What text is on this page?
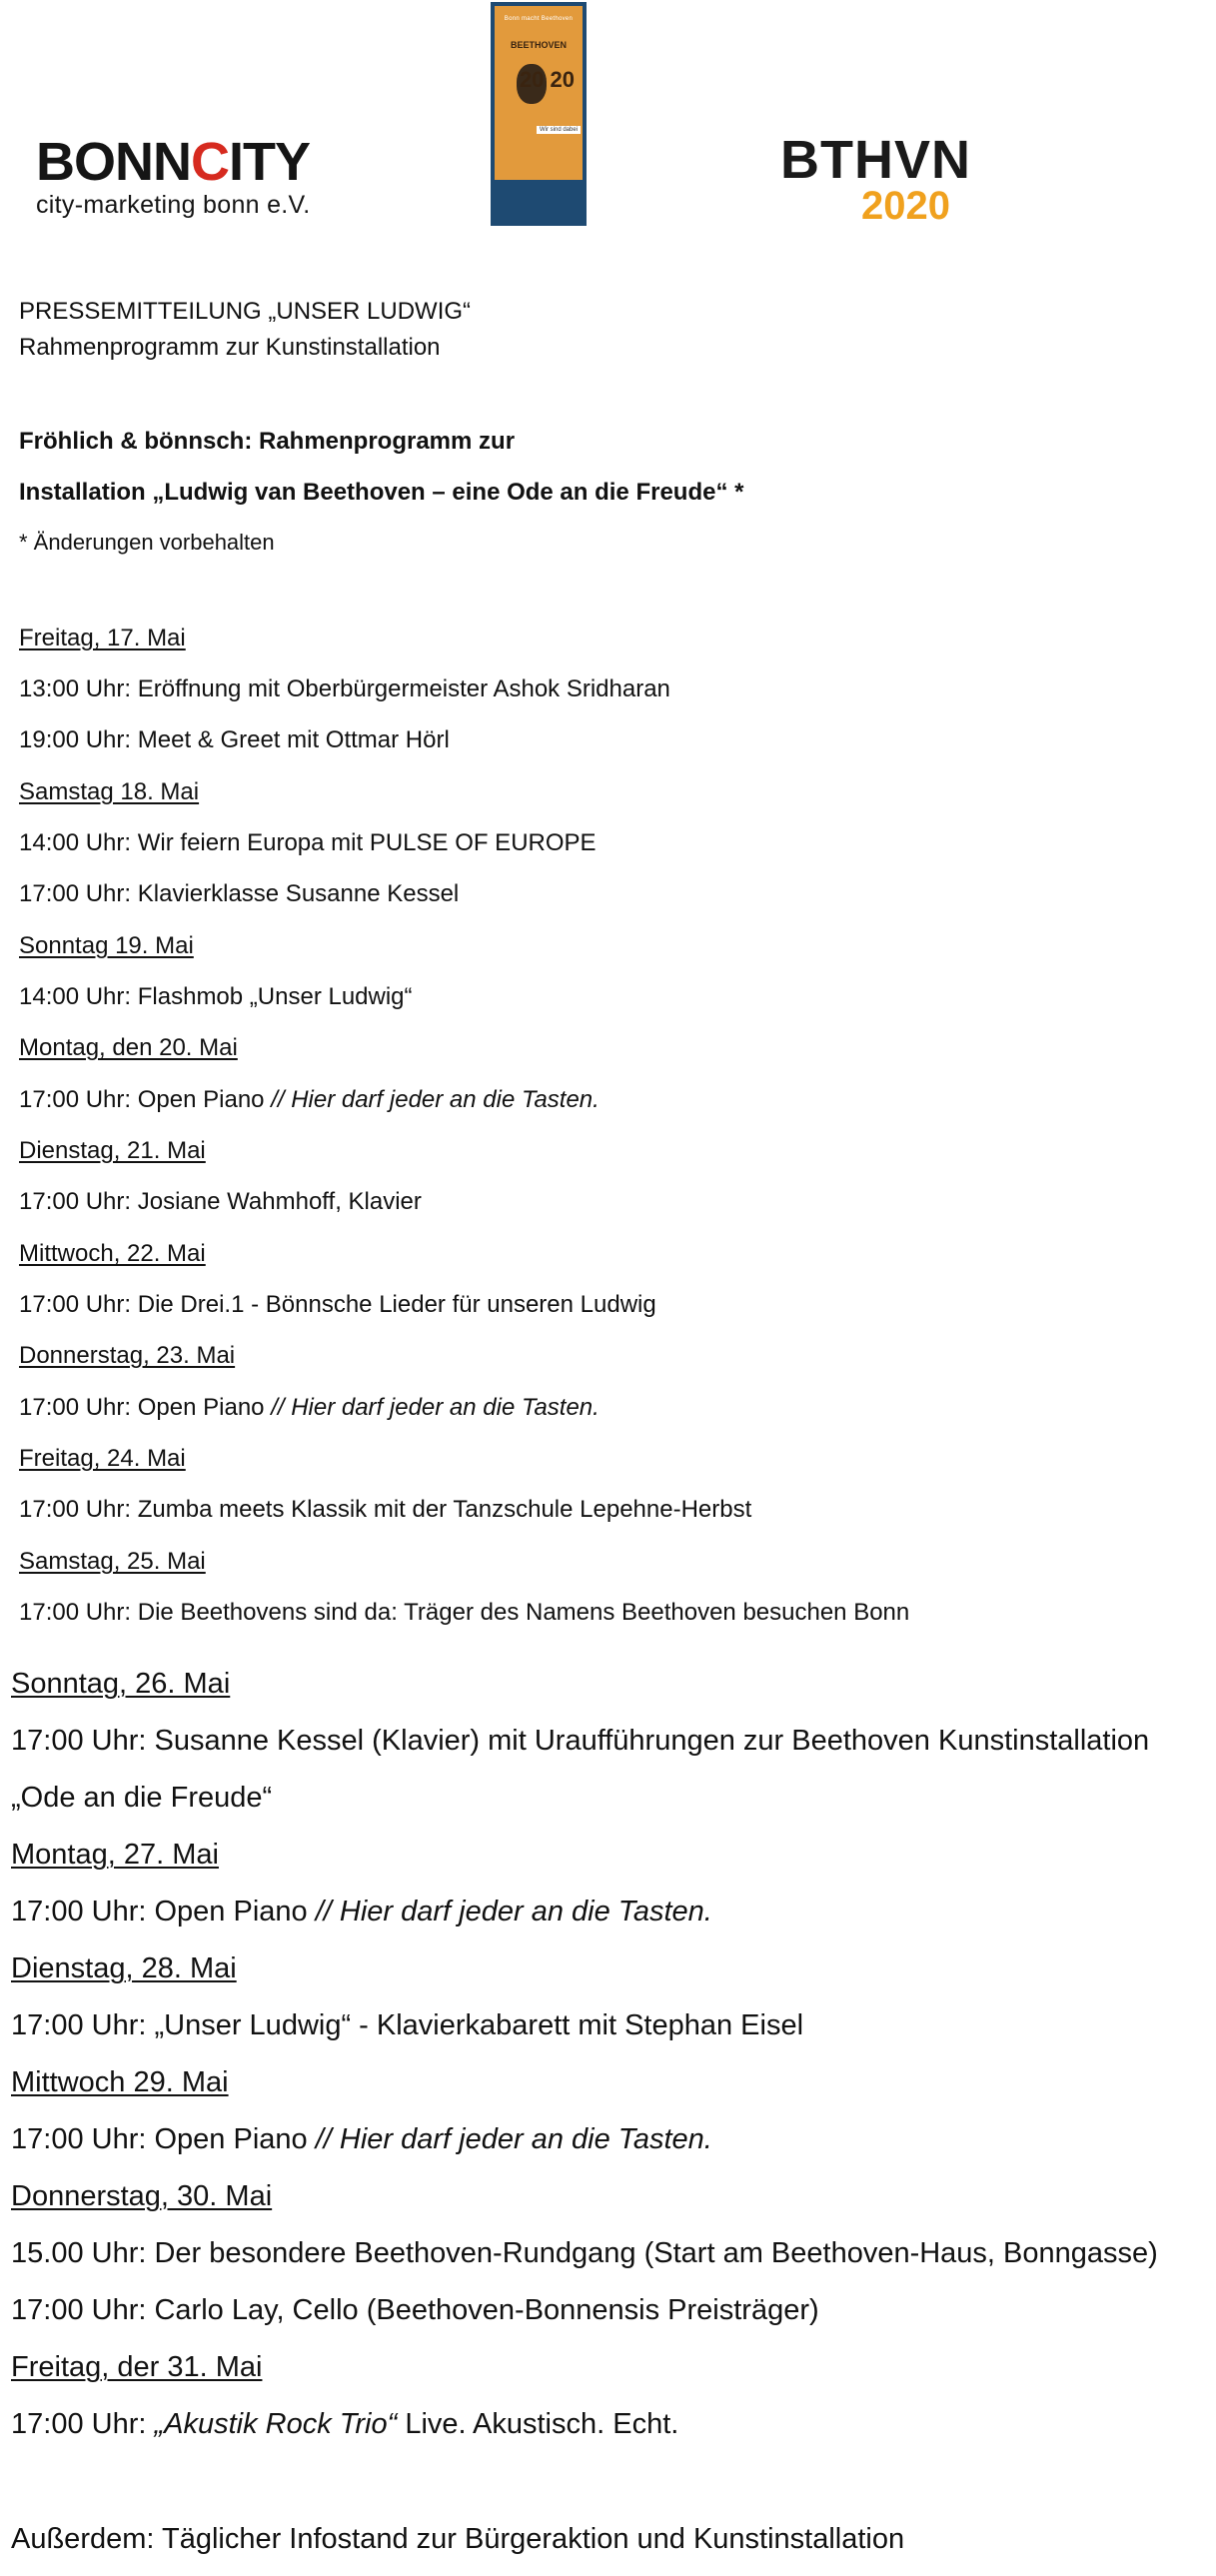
BONNCITY
city-marketing bonn e.V.
Bonn macht Beethoven
BEETHOVEN
20 20
Wir sind dabei	BTHVN
2020
PRESSEMITTEILUNG „UNSER LUDWIG“
Rahmenprogramm zur Kunstinstallation
Fröhlich & bönnsch: Rahmenprogramm zur
Installation „Ludwig van Beethoven – eine Ode an die Freude“ *
* Änderungen vorbehalten
Freitag, 17. Mai
13:00 Uhr: Eröffnung mit Oberbürgermeister Ashok Sridharan
19:00 Uhr: Meet & Greet mit Ottmar Hörl
Samstag 18. Mai
14:00 Uhr: Wir feiern Europa mit PULSE OF EUROPE
17:00 Uhr: Klavierklasse Susanne Kessel
Sonntag 19. Mai
14:00 Uhr: Flashmob „Unser Ludwig“
Montag, den 20. Mai
17:00 Uhr: Open Piano // Hier darf jeder an die Tasten.
Dienstag, 21. Mai
17:00 Uhr: Josiane Wahmhoff, Klavier
Mittwoch, 22. Mai
17:00 Uhr: Die Drei.1 - Bönnsche Lieder für unseren Ludwig
Donnerstag, 23. Mai
17:00 Uhr: Open Piano // Hier darf jeder an die Tasten.
Freitag, 24. Mai
17:00 Uhr: Zumba meets Klassik mit der Tanzschule Lepehne-Herbst
Samstag, 25. Mai
17:00 Uhr: Die Beethovens sind da: Träger des Namens Beethoven besuchen Bonn
Sonntag, 26. Mai
17:00 Uhr: Susanne Kessel (Klavier) mit Uraufführungen zur Beethoven Kunstinstallation
„Ode an die Freude“
Montag, 27. Mai
17:00 Uhr: Open Piano // Hier darf jeder an die Tasten.
Dienstag, 28. Mai
17:00 Uhr: „Unser Ludwig“ - Klavierkabarett mit Stephan Eisel
Mittwoch 29. Mai
17:00 Uhr: Open Piano // Hier darf jeder an die Tasten.
Donnerstag, 30. Mai
15.00 Uhr: Der besondere Beethoven-Rundgang (Start am Beethoven-Haus, Bonngasse)
17:00 Uhr: Carlo Lay, Cello (Beethoven-Bonnensis Preisträger)
Freitag, der 31. Mai
17:00 Uhr: „Akustik Rock Trio“ Live. Akustisch. Echt.
Außerdem: Täglicher Infostand zur Bürgeraktion und Kunstinstallation
